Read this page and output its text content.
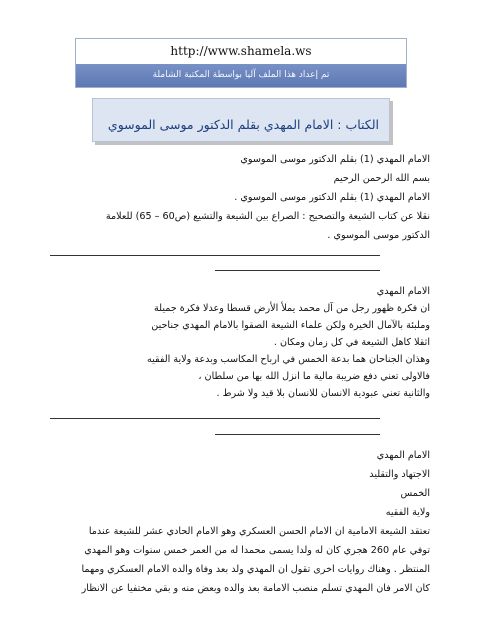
http://www.shamela.ws
تم إعداد هذا الملف آليا بواسطة المكتبة الشاملة
الكتاب : الامام المهدي بقلم الدكتور موسى الموسوي
الامام المهدي (1) بقلم الدكتور موسى الموسوي
بسم الله الرحمن الرحيم
الامام المهدي (1) بقلم الدكتور موسى الموسوي .
نقلا عن كتاب الشيعة والتصحيح : الصراع بين الشيعة والتشيع (ص60 – 65) للعلامة
الدكتور موسى الموسوي .
الامام المهدي
ان فكرة ظهور رجل من آل محمد يملأ الأرض قسطا وعدلا فكرة جميلة
وملبئة بالآمال الخيرة ولكن علماء الشيعة الصقوا بالامام المهدي جناحين
اثقلا كاهل الشيعة في كل زمان ومكان .
وهذان الجناحان هما بدعة الخمس في ارباح المكاسب وبدعة ولاية الفقيه
فالاولى تعني دفع ضريبة مالية ما انزل الله بها من سلطان ،
والثانية تعني عبودية الانسان للانسان بلا قيد ولا شرط .
الامام المهدي
الاجتهاد والتقليد
الخمس
ولاية الفقيه
تعتقد الشيعة الامامية ان الامام الحسن العسكري وهو الامام الحادي عشر للشيعة عندما
توفي عام 260 هجري كان له ولدا يسمى محمدا له من العمر خمس سنوات وهو المهدي
المنتظر . وهناك روايات اخرى تقول ان المهدي ولد بعد وفاة والده الامام العسكري ومهما
كان الامر فان المهدي تسلم منصب الامامة بعد والده وبعض منه و بقي مختفيا عن الانظار
